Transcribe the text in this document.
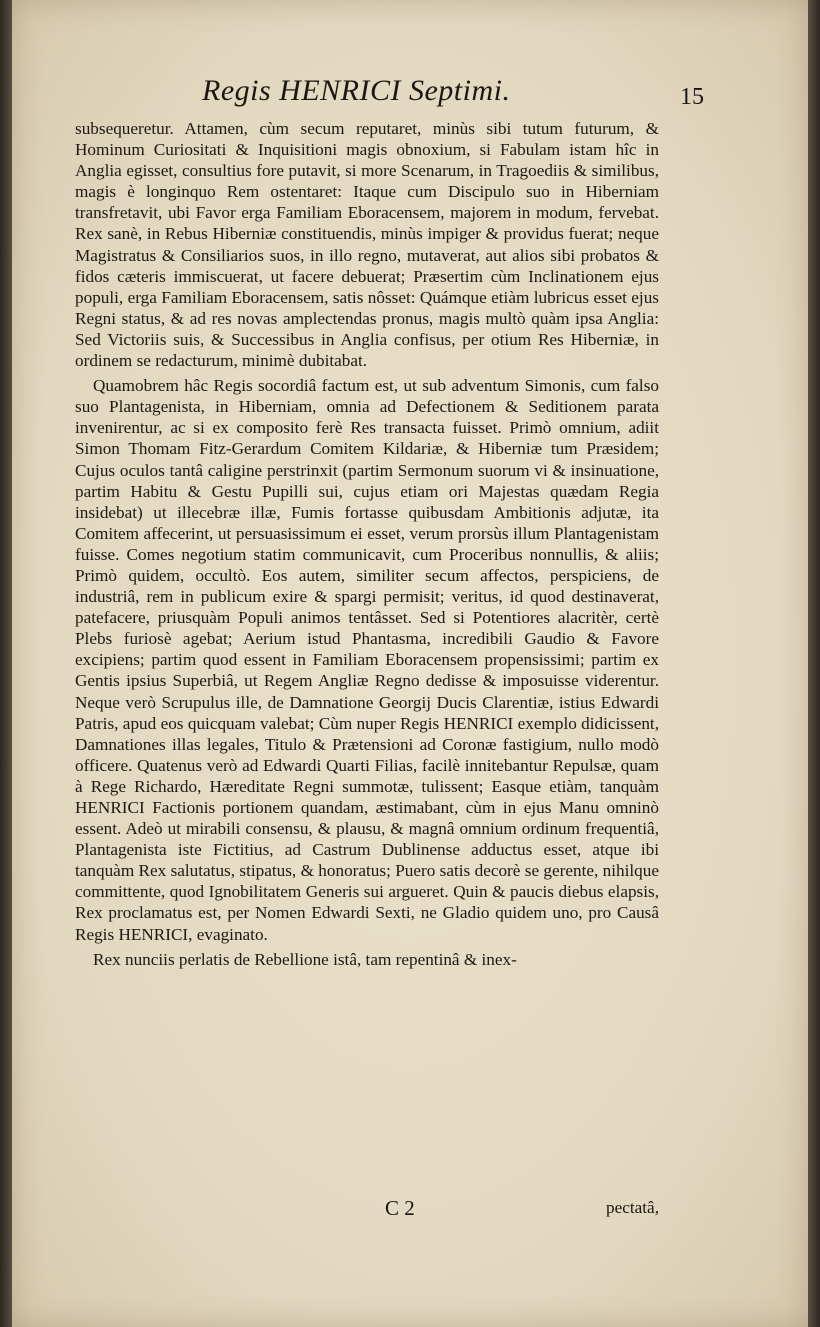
Regis HENRICI Septimi.	15

subsequeretur. Attamen, cùm secum reputaret, minùs sibi tutum futurum, & Hominum Curiositati & Inquisitioni magis obnoxium, si Fabulam istam hîc in Anglia egisset, consultius fore putavit, si more Scenarum, in Tragoediis & similibus, magis è longinquo Rem ostentaret: Itaque cum Discipulo suo in Hiberniam transfretavit, ubi Favor erga Familiam Eboracensem, majorem in modum, fervebat. Rex sanè, in Rebus Hiberniæ constituendis, minùs impiger & providus fuerat; neque Magistratus & Consiliarios suos, in illo regno, mutaverat, aut alios sibi probatos & fidos cæteris immiscuerat, ut facere debuerat; Præsertim cùm Inclinationem ejus populi, erga Familiam Eboracensem, satis nôsset: Quámque etiàm lubricus esset ejus Regni status, & ad res novas amplectendas pronus, magis multò quàm ipsa Anglia: Sed Victoriis suis, & Successibus in Anglia confisus, per otium Res Hiberniæ, in ordinem se redacturum, minimè dubitabat.

Quamobrem hâc Regis socordiâ factum est, ut sub adventum Simonis, cum falso suo Plantagenista, in Hiberniam, omnia ad Defectionem & Seditionem parata invenirentur, ac si ex composito ferè Res transacta fuisset. Primò omnium, adiit Simon Thomam Fitz-Gerardum Comitem Kildariæ, & Hiberniæ tum Præsidem; Cujus oculos tantâ caligine perstrinxit (partim Sermonum suorum vi & insinuatione, partim Habitu & Gestu Pupilli sui, cujus etiam ori Majestas quædam Regia insidebat) ut illecebræ illæ, Fumis fortasse quibusdam Ambitionis adjutæ, ita Comitem affecerint, ut persuasissimum ei esset, verum prorsùs illum Plantagenistam fuisse. Comes negotium statim communicavit, cum Proceribus nonnullis, & aliis; Primò quidem, occultò. Eos autem, similiter secum affectos, perspiciens, de industriâ, rem in publicum exire & spargi permisit; veritus, id quod destinaverat, patefacere, priusquàm Populi animos tentâsset. Sed si Potentiores alacritèr, certè Plebs furiosè agebat; Aerium istud Phantasma, incredibili Gaudio & Favore excipiens; partim quod essent in Familiam Eboracensem propensissimi; partim ex Gentis ipsius Superbiâ, ut Regem Angliæ Regno dedisse & imposuisse viderentur. Neque verò Scrupulus ille, de Damnatione Georgij Ducis Clarentiæ, istius Edwardi Patris, apud eos quicquam valebat; Cùm nuper Regis HENRICI exemplo didicissent, Damnationes illas legales, Titulo & Prætensioni ad Coronæ fastigium, nullo modò officere. Quatenus verò ad Edwardi Quarti Filias, facilè innitebantur Repulsæ, quam à Rege Richardo, Hæreditate Regni summotæ, tulissent; Easque etiàm, tanquàm HENRICI Factionis portionem quandam, æstimabant, cùm in ejus Manu omninò essent. Adeò ut mirabili consensu, & plausu, & magnâ omnium ordinum frequentiâ, Plantagenista iste Fictitius, ad Castrum Dublinense adductus esset, atque ibi tanquàm Rex salutatus, stipatus, & honoratus; Puero satis decorè se gerente, nihilque committente, quod Ignobilitatem Generis sui argueret. Quin & paucis diebus elapsis, Rex proclamatus est, per Nomen Edwardi Sexti, ne Gladio quidem uno, pro Causâ Regis HENRICI, evaginato.

Rex nunciis perlatis de Rebellione istâ, tam repentinâ & inex-

C 2	pectatâ,
